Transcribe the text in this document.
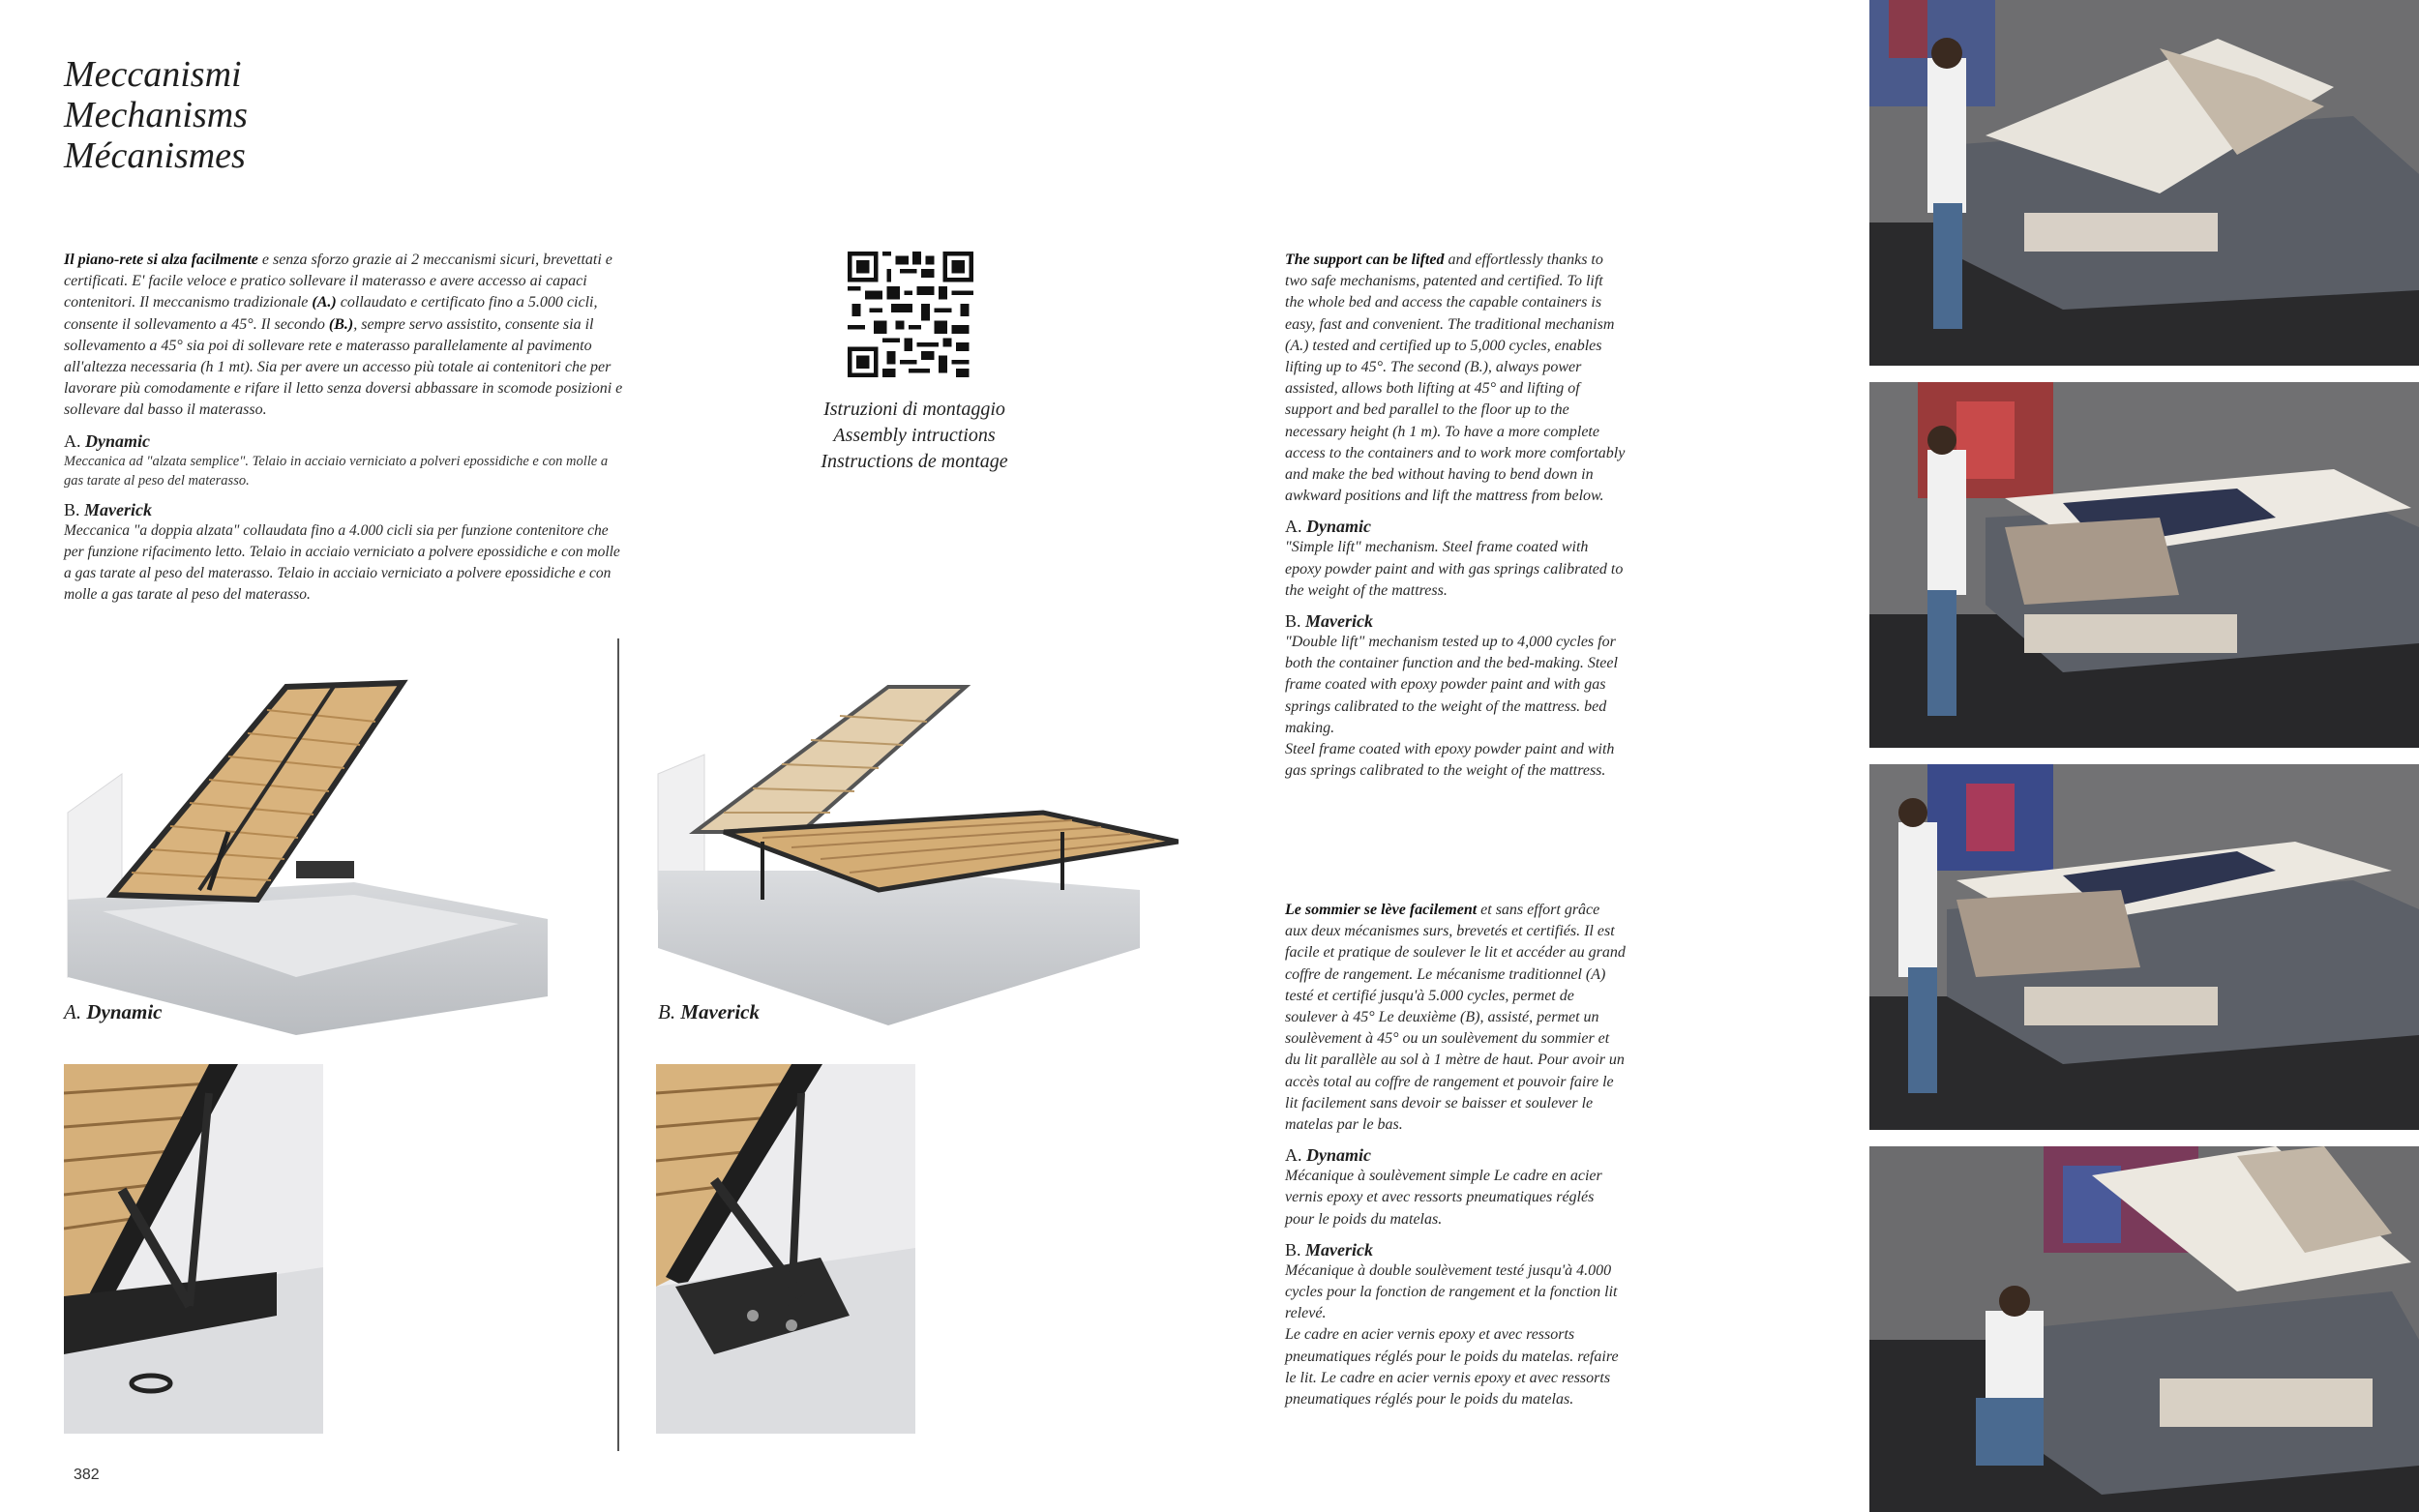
Meccanismi
Mechanisms
Mécanismes
Il piano-rete si alza facilmente e senza sforzo grazie ai 2 meccanismi sicuri, brevettati e certificati. E' facile veloce e pratico sollevare il materasso e avere accesso ai capaci contenitori. Il meccanismo tradizionale (A.) collaudato e certificato fino a 5.000 cicli, consente il sollevamento a 45°. Il secondo (B.), sempre servo assistito, consente sia il sollevamento a 45° sia poi di sollevare rete e materasso parallelamente al pavimento all'altezza necessaria (h 1 mt). Sia per avere un accesso più totale ai contenitori che per lavorare più comodamente e rifare il letto senza doversi abbassare in scomode posizioni e sollevare dal basso il materasso.
A. Dynamic
Meccanica ad "alzata semplice". Telaio in acciaio verniciato a polveri epossidiche e con molle a gas tarate al peso del materasso.
B. Maverick
Meccanica "a doppia alzata" collaudata fino a 4.000 cicli sia per funzione contenitore che per funzione rifacimento letto. Telaio in acciaio verniciato a polvere epossidiche e con molle a gas tarate al peso del materasso. Telaio in acciaio verniciato a polvere epossidiche e con molle a gas tarate al peso del materasso.
Istruzioni di montaggio
Assembly intructions
Instructions de montage
The support can be lifted and effortlessly thanks to two safe mechanisms, patented and certified. To lift the whole bed and access the capable containers is easy, fast and convenient. The traditional mechanism (A.) tested and certified up to 5,000 cycles, enables lifting up to 45°. The second (B.), always power assisted, allows both lifting at 45° and lifting of support and bed parallel to the floor up to the necessary height (h 1 m). To have a more complete access to the containers and to work more comfortably and make the bed without having to bend down in awkward positions and lift the mattress from below.
A. Dynamic
"Simple lift" mechanism. Steel frame coated with epoxy powder paint and with gas springs calibrated to the weight of the mattress.
B. Maverick
"Double lift" mechanism tested up to 4,000 cycles for both the container function and the bed-making. Steel frame coated with epoxy powder paint and with gas springs calibrated to the weight of the mattress. bed making.
Steel frame coated with epoxy powder paint and with gas springs calibrated to the weight of the mattress.
Le sommier se lève facilement et sans effort grâce aux deux mécanismes surs, brevetés et certifiés. Il est facile et pratique de soulever le lit et accéder au grand coffre de rangement. Le mécanisme traditionnel (A) testé et certifié jusqu'à 5.000 cycles, permet de soulever à 45° Le deuxième (B), assisté, permet un soulèvement à 45° ou un soulèvement du sommier et du lit parallèle au sol à 1 mètre de haut. Pour avoir un accès total au coffre de rangement et pouvoir faire le lit facilement sans devoir se baisser et soulever le matelas par le bas.
A. Dynamic
Mécanique à soulèvement simple Le cadre en acier vernis epoxy et avec ressorts pneumatiques réglés pour le poids du matelas.
B. Maverick
Mécanique à double soulèvement testé jusqu'à 4.000 cycles pour la fonction de rangement et la fonction lit relevé.
Le cadre en acier vernis epoxy et avec ressorts pneumatiques réglés pour le poids du matelas. refaire le lit. Le cadre en acier vernis epoxy et avec ressorts pneumatiques réglés pour le poids du matelas.
A. Dynamic	B. Maverick
382
